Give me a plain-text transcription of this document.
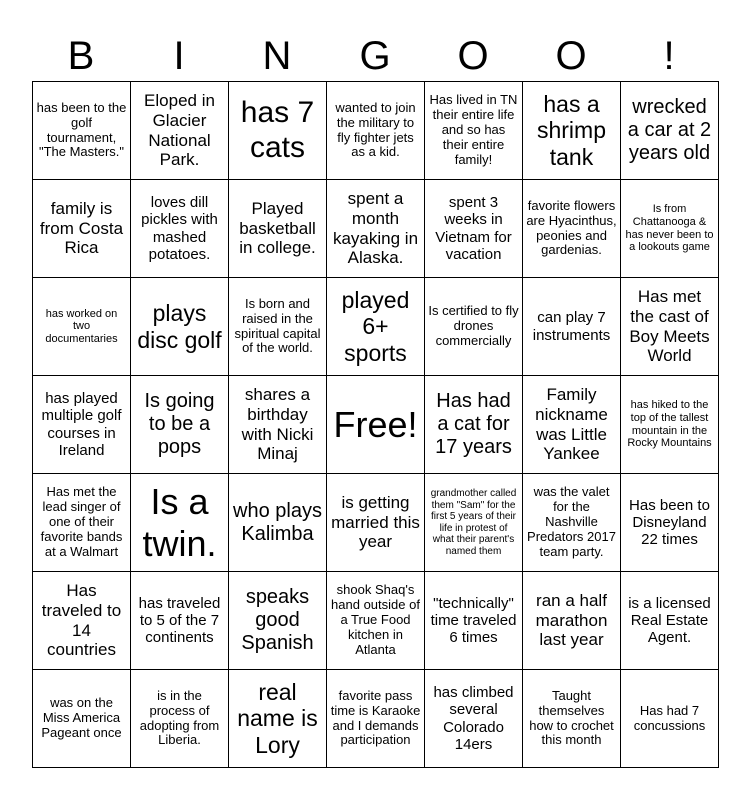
B	I	N	G	O	O	!
has been to the golf tournament, "The Masters."	Eloped in Glacier National Park.	has 7 cats	wanted to join the military to fly fighter jets as a kid.	Has lived in TN their entire life and so has their entire family!	has a shrimp tank	wrecked a car at 2 years old
family is from Costa Rica	loves dill pickles with mashed potatoes.	Played basketball in college.	spent a month kayaking in Alaska.	spent 3 weeks in Vietnam for vacation	favorite flowers are Hyacinthus, peonies and gardenias.	Is from Chattanooga & has never been to a lookouts game
has worked on two documentaries	plays disc golf	Is born and raised in the spiritual capital of the world.	played 6+ sports	Is certified to fly drones commercially	can play 7 instruments	Has met the cast of Boy Meets World
has played multiple golf courses in Ireland	Is going to be a pops	shares a birthday with Nicki Minaj	Free!	Has had a cat for 17 years	Family nickname was Little Yankee	has hiked to the top of the tallest mountain in the Rocky Mountains
Has met the lead singer of one of their favorite bands at a Walmart	Is a twin.	who plays Kalimba	is getting married this year	grandmother called them "Sam" for the first 5 years of their life in protest of what their parent's named them	was the valet for the Nashville Predators 2017 team party.	Has been to Disneyland 22 times
Has traveled to 14 countries	has traveled to 5 of the 7 continents	speaks good Spanish	shook Shaq's hand outside of a True Food kitchen in Atlanta	"technically" time traveled 6 times	ran a half marathon last year	is a licensed Real Estate Agent.
was on the Miss America Pageant once	is in the process of adopting from Liberia.	real name is Lory	favorite pass time is Karaoke and I demands participation	has climbed several Colorado 14ers	Taught themselves how to crochet this month	Has had 7 concussions
